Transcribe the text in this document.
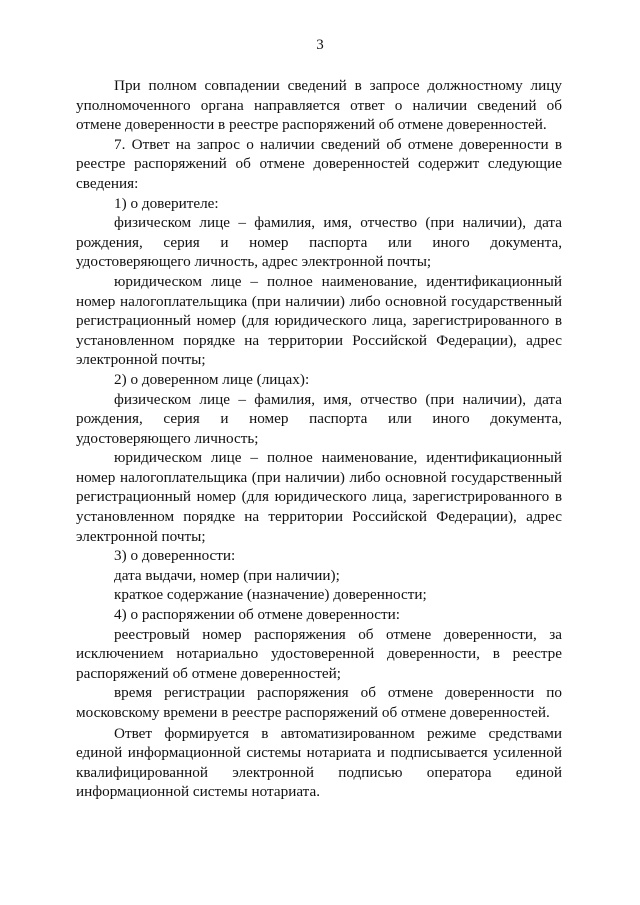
3

При полном совпадении сведений в запросе должностному лицу уполномоченного органа направляется ответ о наличии сведений об отмене доверенности в реестре распоряжений об отмене доверенностей.

7. Ответ на запрос о наличии сведений об отмене доверенности в реестре распоряжений об отмене доверенностей содержит следующие сведения:

1) о доверителе:

физическом лице – фамилия, имя, отчество (при наличии), дата рождения, серия и номер паспорта или иного документа, удостоверяющего личность, адрес электронной почты;

юридическом лице – полное наименование, идентификационный номер налогоплательщика (при наличии) либо основной государственный регистрационный номер (для юридического лица, зарегистрированного в установленном порядке на территории Российской Федерации), адрес электронной почты;

2) о доверенном лице (лицах):

физическом лице – фамилия, имя, отчество (при наличии), дата рождения, серия и номер паспорта или иного документа, удостоверяющего личность;

юридическом лице – полное наименование, идентификационный номер налогоплательщика (при наличии) либо основной государственный регистрационный номер (для юридического лица, зарегистрированного в установленном порядке на территории Российской Федерации), адрес электронной почты;

3) о доверенности:

дата выдачи, номер (при наличии);

краткое содержание (назначение) доверенности;

4) о распоряжении об отмене доверенности:

реестровый номер распоряжения об отмене доверенности, за исключением нотариально удостоверенной доверенности, в реестре распоряжений об отмене доверенностей;

время регистрации распоряжения об отмене доверенности по московскому времени в реестре распоряжений об отмене доверенностей.

Ответ формируется в автоматизированном режиме средствами единой информационной системы нотариата и подписывается усиленной квалифицированной электронной подписью оператора единой информационной системы нотариата.
